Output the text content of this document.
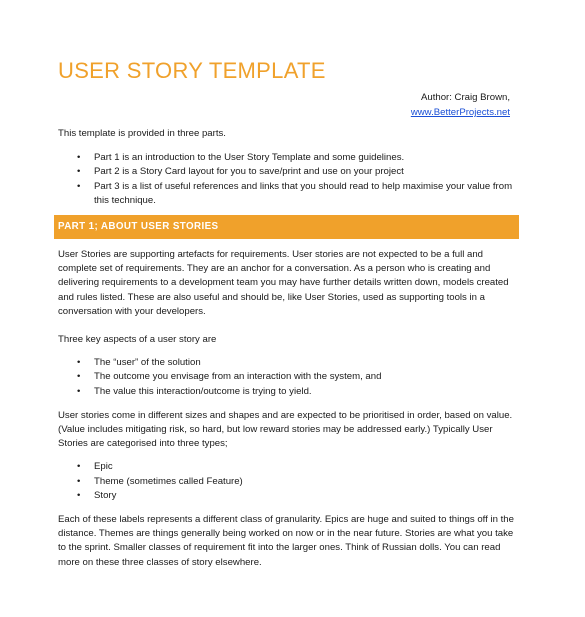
USER STORY TEMPLATE
Author: Craig Brown,
www.BetterProjects.net

This template is provided in three parts.

• Part 1 is an introduction to the User Story Template and some guidelines.
• Part 2 is a Story Card layout for you to save/print and use on your project
• Part 3 is a list of useful references and links that you should read to help maximise your value from this technique.
PART 1; ABOUT USER STORIES

User Stories are supporting artefacts for requirements. User stories are not expected to be a full and complete set of requirements. They are an anchor for a conversation. As a person who is creating and delivering requirements to a development team you may have further details written down, models created and rules listed. These are also useful and should be, like User Stories, used as supporting tools in a conversation with your developers.

Three key aspects of a user story are

• The “user” of the solution
• The outcome you envisage from an interaction with the system, and
• The value this interaction/outcome is trying to yield.

User stories come in different sizes and shapes and are expected to be prioritised in order, based on value. (Value includes mitigating risk, so hard, but low reward stories may be addressed early.) Typically User Stories are categorised into three types;

• Epic
• Theme (sometimes called Feature)
• Story

Each of these labels represents a different class of granularity. Epics are huge and suited to things off in the distance. Themes are things generally being worked on now or in the near future. Stories are what you take to the sprint. Smaller classes of requirement fit into the larger ones. Think of Russian dolls. You can read more on these three classes of story elsewhere.
